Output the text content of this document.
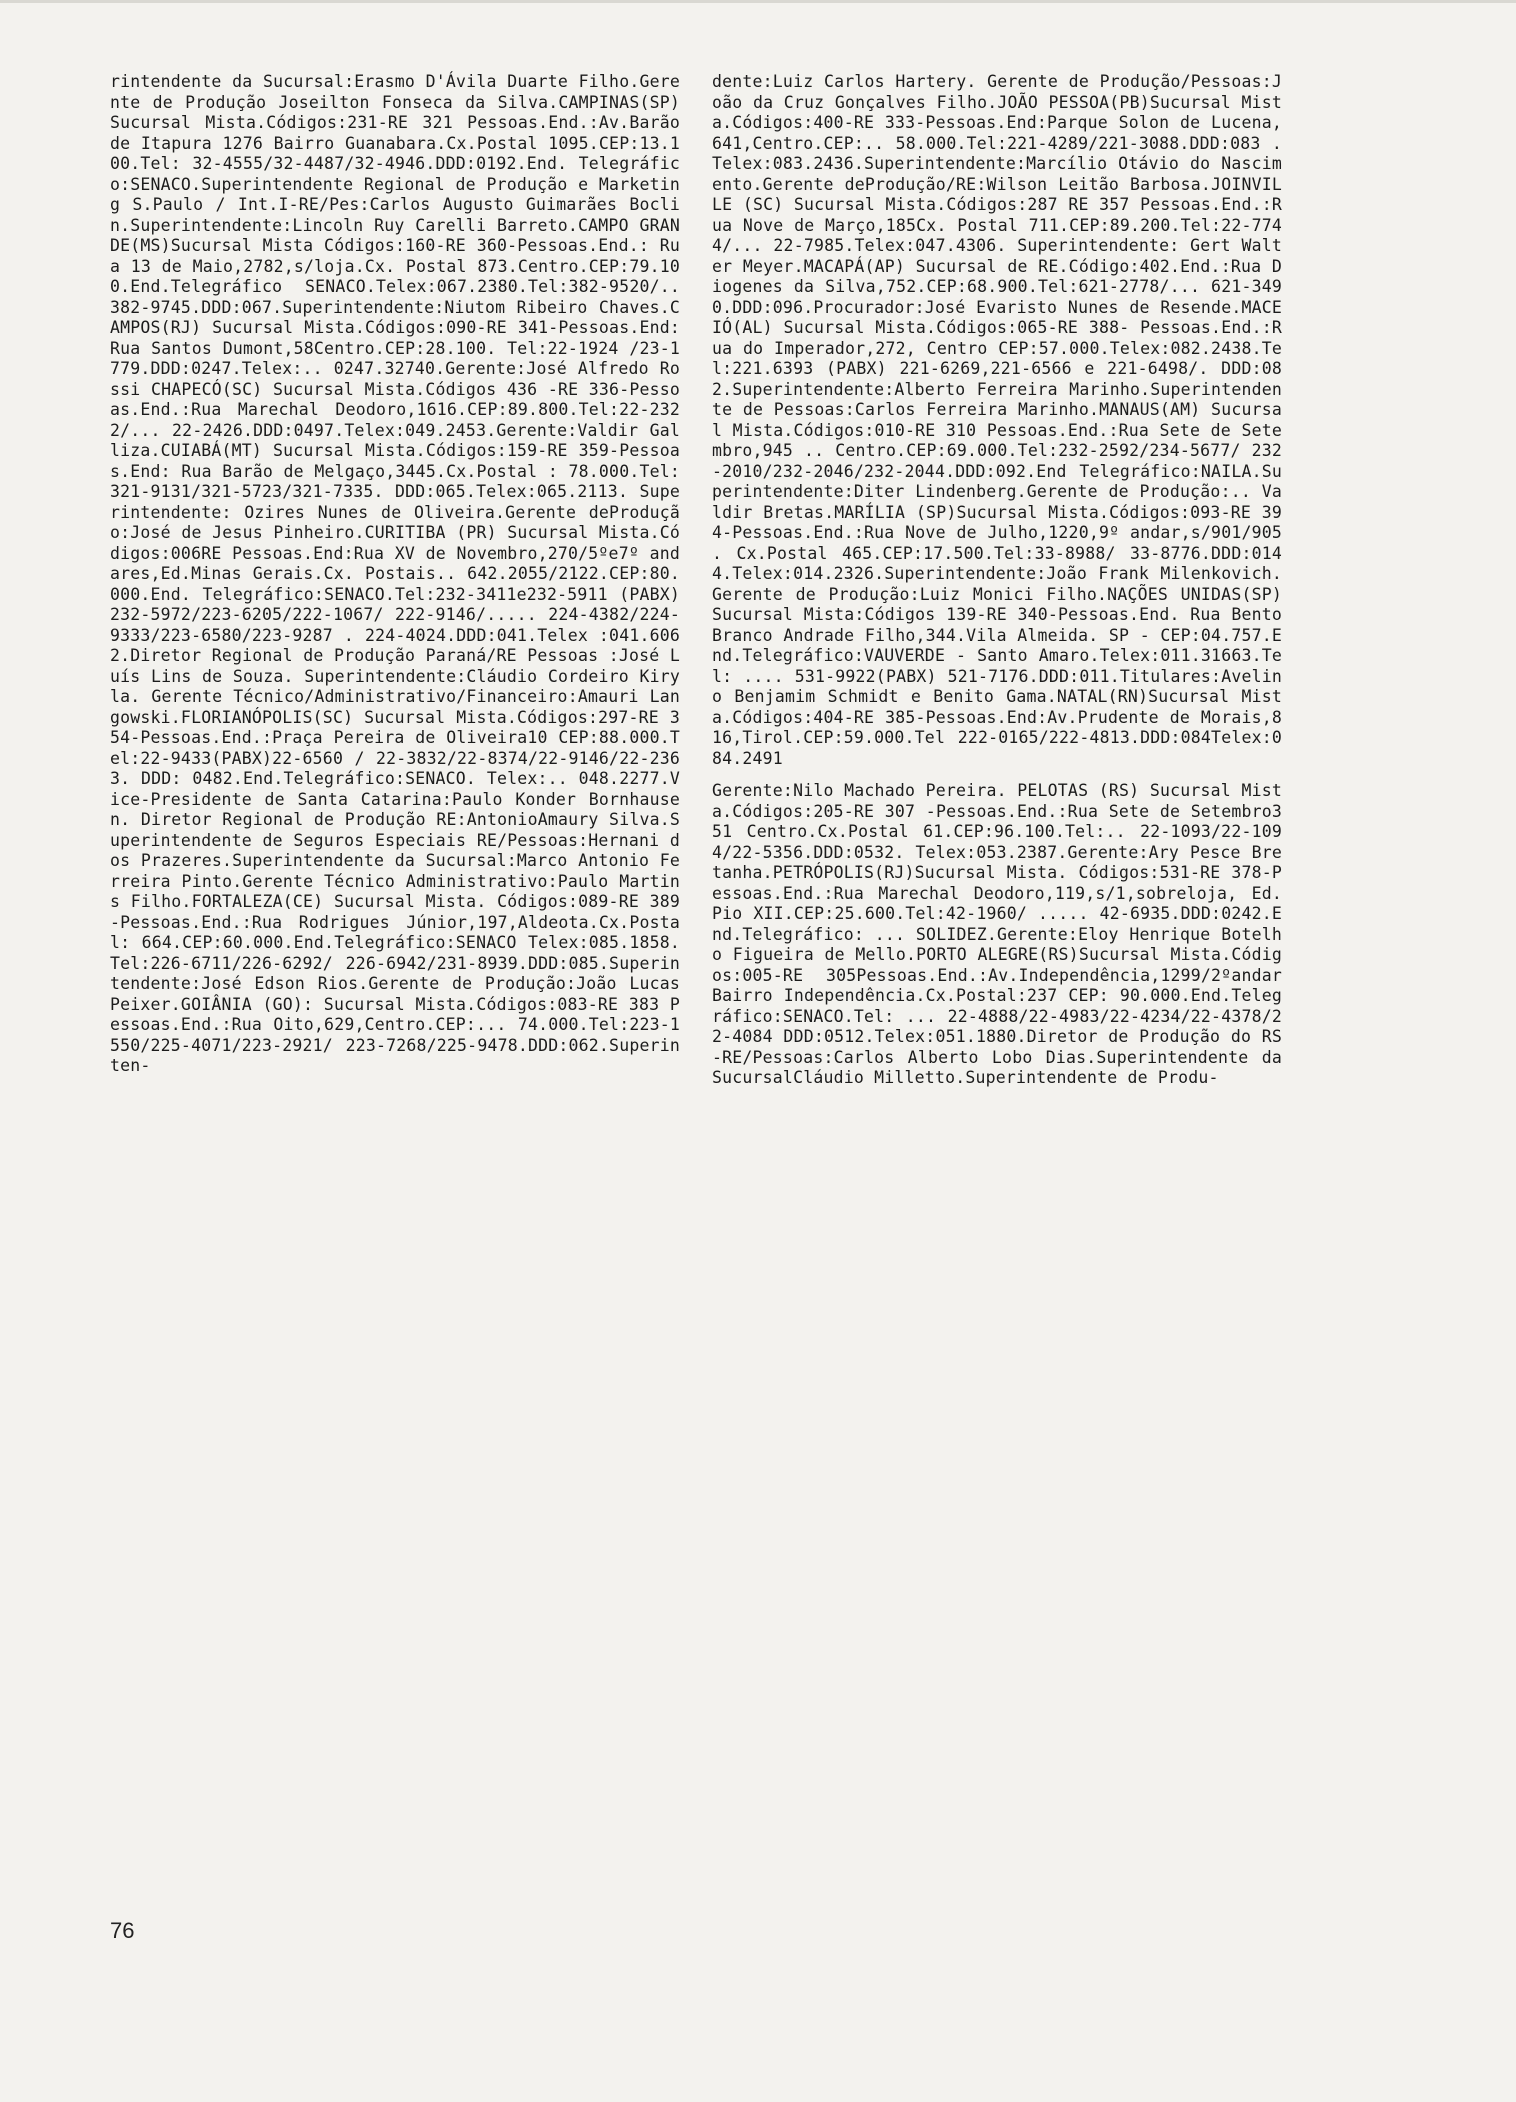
rintendente da Sucursal:Erasmo D'Ávila Duarte Filho.Gerente de Produção Joseilton Fonseca da Silva.CAMPINAS(SP) Sucursal Mista.Códigos:231-RE 321 Pessoas.End.:Av.Barão de Itapura 1276 Bairro Guanabara.Cx.Postal 1095.CEP:13.100.Tel: 32-4555/32-4487/32-4946.DDD:0192.End. Telegráfico:SENACO.Superintendente Regional de Produção e Marketing S.Paulo / Int.I-RE/Pes:Carlos Augusto Guimarães Boclin.Superintendente:Lincoln Ruy Carelli Barreto.CAMPO GRANDE(MS)Sucursal Mista Códigos:160-RE 360-Pessoas.End.: Rua 13 de Maio,2782,s/loja.Cx. Postal 873.Centro.CEP:79.100.End.Telegráfico SENACO.Telex:067.2380.Tel:382-9520/.. 382-9745.DDD:067.Superintendente:Niutom Ribeiro Chaves.CAMPOS(RJ) Sucursal Mista.Códigos:090-RE 341-Pessoas.End: Rua Santos Dumont,58Centro.CEP:28.100. Tel:22-1924 /23-1779.DDD:0247.Telex:.. 0247.32740.Gerente:José Alfredo Rossi CHAPECÓ(SC) Sucursal Mista.Códigos 436 -RE 336-Pessoas.End.:Rua Marechal Deodoro,1616.CEP:89.800.Tel:22-2322/... 22-2426.DDD:0497.Telex:049.2453.Gerente:Valdir Galliza.CUIABÁ(MT) Sucursal Mista.Códigos:159-RE 359-Pessoas.End: Rua Barão de Melgaço,3445.Cx.Postal : 78.000.Tel:321-9131/321-5723/321-7335. DDD:065.Telex:065.2113. Superintendente: Ozires Nunes de Oliveira.Gerente deProdução:José de Jesus Pinheiro.CURITIBA (PR) Sucursal Mista.Códigos:006RE Pessoas.End:Rua XV de Novembro,270/5ºe7º andares,Ed.Minas Gerais.Cx. Postais.. 642.2055/2122.CEP:80.000.End. Telegráfico:SENACO.Tel:232-3411e232-5911 (PABX) 232-5972/223-6205/222-1067/ 222-9146/..... 224-4382/224-9333/223-6580/223-9287 . 224-4024.DDD:041.Telex :041.6062.Diretor Regional de Produção Paraná/RE Pessoas :José Luís Lins de Souza. Superintendente:Cláudio Cordeiro Kiryla. Gerente Técnico/Administrativo/Financeiro:Amauri Langowski.FLORIANÓPOLIS(SC) Sucursal Mista.Códigos:297-RE 354-Pessoas.End.:Praça Pereira de Oliveira10 CEP:88.000.Tel:22-9433(PABX)22-6560 / 22-3832/22-8374/22-9146/22-2363. DDD: 0482.End.Telegráfico:SENACO. Telex:.. 048.2277.Vice-Presidente de Santa Catarina:Paulo Konder Bornhausen. Diretor Regional de Produção RE:AntonioAmaury Silva.Superintendente de Seguros Especiais RE/Pessoas:Hernani dos Prazeres.Superintendente da Sucursal:Marco Antonio Ferreira Pinto.Gerente Técnico Administrativo:Paulo Martins Filho.FORTALEZA(CE) Sucursal Mista. Códigos:089-RE 389-Pessoas.End.:Rua Rodrigues Júnior,197,Aldeota.Cx.Postal: 664.CEP:60.000.End.Telegráfico:SENACO Telex:085.1858.Tel:226-6711/226-6292/ 226-6942/231-8939.DDD:085.Superintendente:José Edson Rios.Gerente de Produção:João Lucas Peixer.GOIÂNIA (GO): Sucursal Mista.Códigos:083-RE 383 Pessoas.End.:Rua Oito,629,Centro.CEP:... 74.000.Tel:223-1550/225-4071/223-2921/ 223-7268/225-9478.DDD:062.Superinten-

dente:Luiz Carlos Hartery. Gerente de Produção/Pessoas:João da Cruz Gonçalves Filho.JOÃO PESSOA(PB)Sucursal Mista.Códigos:400-RE 333-Pessoas.End:Parque Solon de Lucena,641,Centro.CEP:.. 58.000.Tel:221-4289/221-3088.DDD:083 . Telex:083.2436.Superintendente:Marcílio Otávio do Nascimento.Gerente deProdução/RE:Wilson Leitão Barbosa.JOINVILLE (SC) Sucursal Mista.Códigos:287 RE 357 Pessoas.End.:Rua Nove de Março,185Cx. Postal 711.CEP:89.200.Tel:22-7744/... 22-7985.Telex:047.4306. Superintendente: Gert Walter Meyer.MACAPÁ(AP) Sucursal de RE.Código:402.End.:Rua Diogenes da Silva,752.CEP:68.900.Tel:621-2778/... 621-3490.DDD:096.Procurador:José Evaristo Nunes de Resende.MACEIÓ(AL) Sucursal Mista.Códigos:065-RE 388- Pessoas.End.:Rua do Imperador,272, Centro CEP:57.000.Telex:082.2438.Tel:221.6393 (PABX) 221-6269,221-6566 e 221-6498/. DDD:082.Superintendente:Alberto Ferreira Marinho.Superintendente de Pessoas:Carlos Ferreira Marinho.MANAUS(AM) Sucursal Mista.Códigos:010-RE 310 Pessoas.End.:Rua Sete de Setembro,945 .. Centro.CEP:69.000.Tel:232-2592/234-5677/ 232-2010/232-2046/232-2044.DDD:092.End Telegráfico:NAILA.Superintendente:Diter Lindenberg.Gerente de Produção:.. Valdir Bretas.MARÍLIA (SP)Sucursal Mista.Códigos:093-RE 394-Pessoas.End.:Rua Nove de Julho,1220,9º andar,s/901/905 . Cx.Postal 465.CEP:17.500.Tel:33-8988/ 33-8776.DDD:0144.Telex:014.2326.Superintendente:João Frank Milenkovich.Gerente de Produção:Luiz Monici Filho.NAÇÕES UNIDAS(SP) Sucursal Mista:Códigos 139-RE 340-Pessoas.End. Rua Bento Branco Andrade Filho,344.Vila Almeida. SP - CEP:04.757.End.Telegráfico:VAUVERDE - Santo Amaro.Telex:011.31663.Tel: .... 531-9922(PABX) 521-7176.DDD:011.Titulares:Avelino Benjamim Schmidt e Benito Gama.NATAL(RN)Sucursal Mista.Códigos:404-RE 385-Pessoas.End:Av.Prudente de Morais,816,Tirol.CEP:59.000.Tel 222-0165/222-4813.DDD:084Telex:084.2491

Gerente:Nilo Machado Pereira. PELOTAS (RS) Sucursal Mista.Códigos:205-RE 307 -Pessoas.End.:Rua Sete de Setembro351 Centro.Cx.Postal 61.CEP:96.100.Tel:.. 22-1093/22-1094/22-5356.DDD:0532. Telex:053.2387.Gerente:Ary Pesce Bretanha.PETRÓPOLIS(RJ)Sucursal Mista. Códigos:531-RE 378-Pessoas.End.:Rua Marechal Deodoro,119,s/1,sobreloja, Ed. Pio XII.CEP:25.600.Tel:42-1960/ ..... 42-6935.DDD:0242.End.Telegráfico: ... SOLIDEZ.Gerente:Eloy Henrique Botelho Figueira de Mello.PORTO ALEGRE(RS)Sucursal Mista.Códigos:005-RE 305Pessoas.End.:Av.Independência,1299/2ºandar Bairro Independência.Cx.Postal:237 CEP: 90.000.End.Telegráfico:SENACO.Tel: ... 22-4888/22-4983/22-4234/22-4378/22-4084 DDD:0512.Telex:051.1880.Diretor de Produção do RS-RE/Pessoas:Carlos Alberto Lobo Dias.Superintendente da SucursalCláudio Milletto.Superintendente de Produ-

76
